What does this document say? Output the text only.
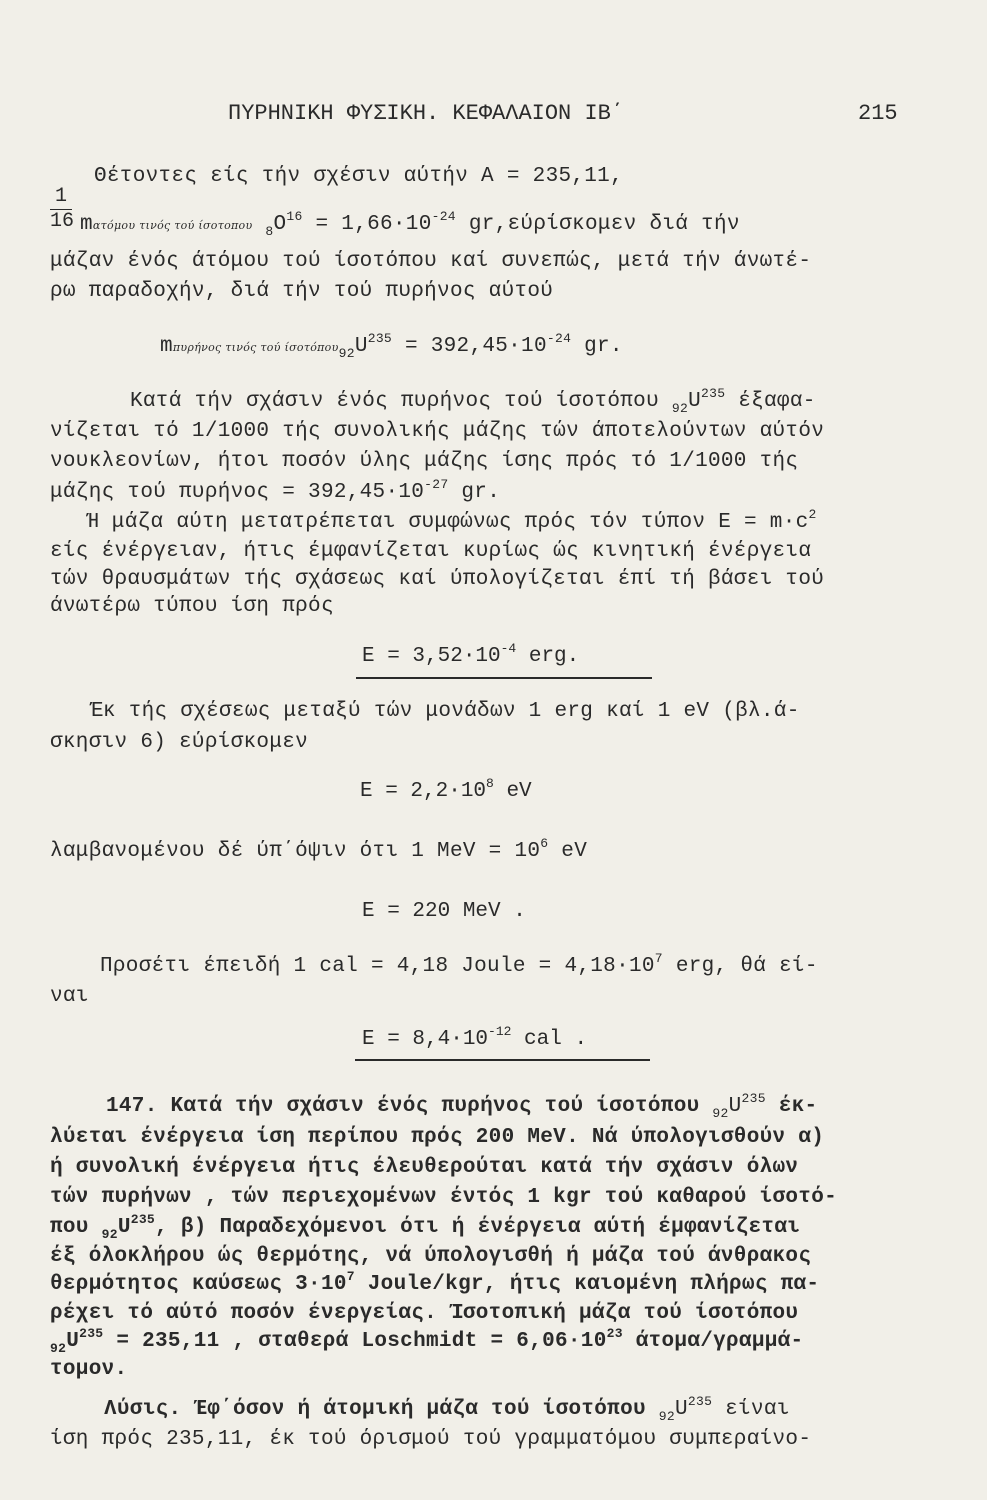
ΠΥΡΗΝΙΚΗ ΦΥΣΙΚΗ. ΚΕΦΑΛΑΙΟΝ ΙΒ΄	215
Θέτοντες είς τήν σχέσιν αύτήν Α = 235,11,
1
16 mατόμου τινός τού ίσοτοπου $_8O^{16} = 1,66\cdot 10^{-24}$ gr,εύρίσκομεν διά τήν
μάζαν ένός άτόμου τού ίσοτόπου καί συνεπώς, μετά τήν άνωτέ-
ρω παραδοχήν, διά τήν τού πυρήνος αύτού
mπυρήνος τινός τού $ί\sigma o\tau ό\pi o\upsilon_{92}U^{235} = 392,45\cdot 10^{-24}$ gr.
Κατά τήν σχάσιν ένός πυρήνος τού ίσοτόπου $_{92}U^{235}$ έξαφα-
νίζεται τό 1/1000 τής συνολικής μάζης τών άποτελούντων αύτόν
νουκλεονίων, ήτοι ποσόν ύλης μάζης ίσης πρός τό 1/1000 τής
μάζης τού $\pi\upsilon\rho ή\nu o\varsigma = 392,45\cdot 10^{-27}$ gr.
Ή μάζα αύτη μετατρέπεται συμφώνως πρός τόν τύπον $E = m\cdot c^2$
είς ένέργειαν, ήτις έμφανίζεται κυρίως ώς κινητική ένέργεια
τών θραυσμάτων τής σχάσεως καί ύπολογίζεται έπί τή βάσει τού
άνωτέρω τύπου ίση πρός
$E = 3,52\cdot 10^{-4}$ erg.
Έκ τής σχέσεως μεταξύ τών μονάδων 1 erg καί 1 eV (βλ.ά-
σκησιν 6) εύρίσκομεν
$E = 2,2\cdot 10^8$ eV
λαμβανομένου δέ ύπ΄όψιν ότι 1 MeV = $10^6$ eV
E = 220 MeV .
Προσέτι έπειδή 1 cal = 4,18 Joule = $4,18\cdot 10^7$ erg, θά εί-
ναι
$E = 8,4\cdot 10^{-12}$ cal .
147. Κατά τήν σχάσιν ένός πυρήνος τού ίσοτόπου $_{92}U^{235}$ έκ-
λύεται ένέργεια ίση περίπου πρός 200 MeV. Νά ύπολογισθούν α)
ή συνολική ένέργεια ήτις έλευθερούται κατά τήν σχάσιν όλων
τών πυρήνων , τών περιεχομένων έντός 1 kgr τού καθαρού ίσοτό-
που $_{92}U^{235}$, β) Παραδεχόμενοι ότι ή ένέργεια αύτή έμφανίζεται
έξ όλοκλήρου ώς θερμότης, νά ύπολογισθή ή μάζα τού άνθρακος
θερμότητος καύσεως $3\cdot 10^7$ Joule/kgr, ήτις καιομένη πλήρως πα-
ρέχει τό αύτό ποσόν ένεργείας. Ίσοτοπική μάζα τού ίσοτόπου
$_{92}U^{235} = 235,11$ , σταθερά Loschmidt = $6,06\cdot 10^{23}$ άτομα/γραμμά-
τομον.
Λύσις. Έφ΄όσον ή άτομική μάζα τού ίσοτόπου $_{92}U^{235}$ είναι
ίση πρός 235,11, έκ τού όρισμού τού γραμματόμου συμπεραίνο-
